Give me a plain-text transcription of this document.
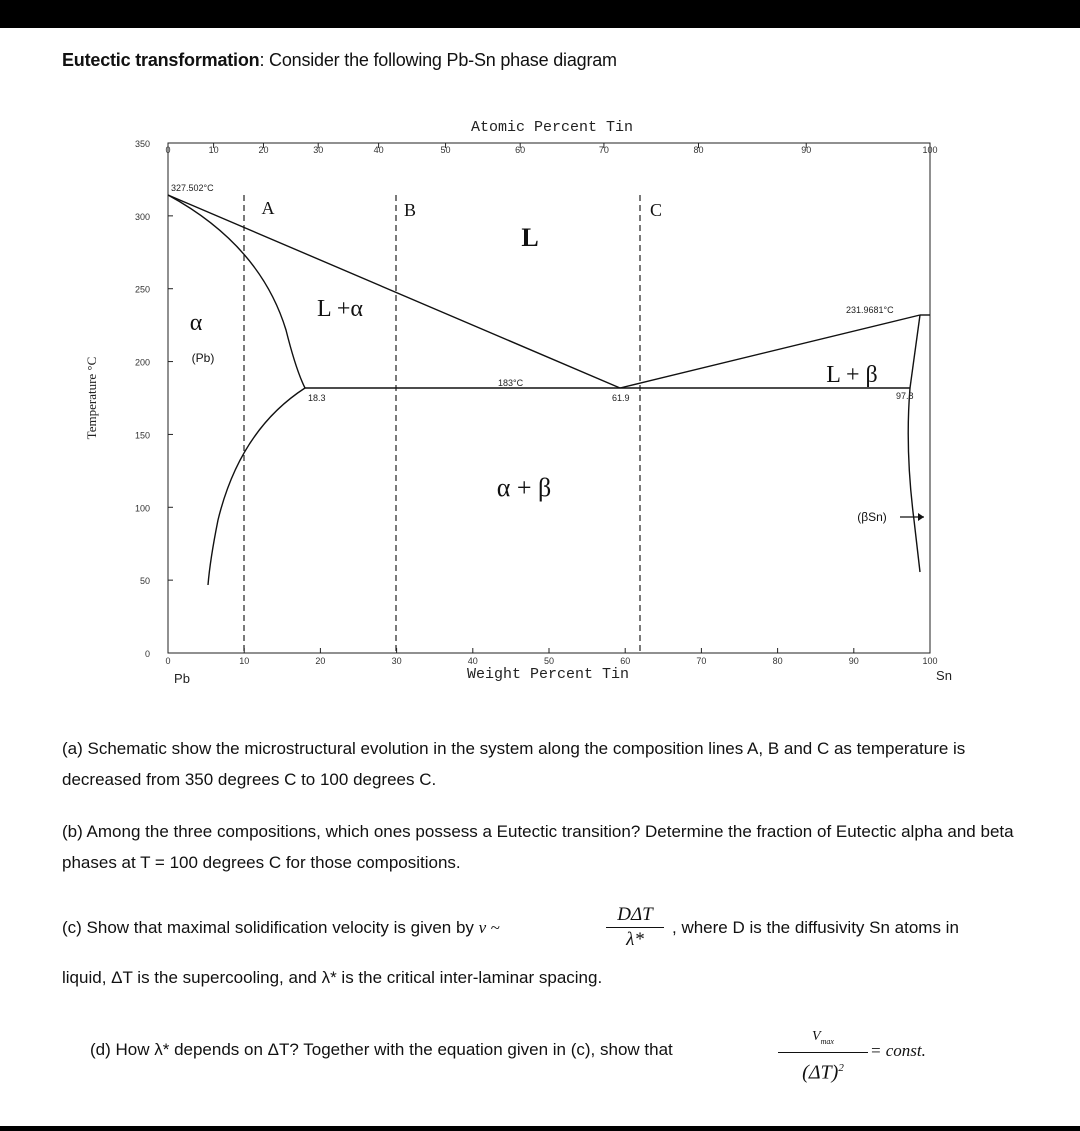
Eutectic transformation: Consider the following Pb-Sn phase diagram
Atomic Percent Tin
Weight Percent Tin
Temperature °C
0	10	20	30	40	50	60	70	80	90	100
0	10	20	30	40	50	60	70	80	90	100
0
50
100
150
200
250
300
350
Pb	Sn
A	B	C
327.502°C
231.9681°C
183°C
18.3	61.9	97.8
L
L +α
L + β
α + β
α
(Pb)
(βSn)
(a) Schematic show the microstructural evolution in the system along the composition lines A, B and C as temperature is decreased from 350 degrees C to 100 degrees C.
(b) Among the three compositions, which ones possess a Eutectic transition? Determine the fraction of Eutectic alpha and beta phases at T = 100 degrees C for those compositions.
(c) Show that maximal solidification velocity is given by v ~
DΔT
λ*
, where D is the diffusivity Sn atoms in
liquid, ΔT is the supercooling, and λ* is the critical inter-laminar spacing.
(d) How λ* depends on ΔT? Together with the equation given in (c), show that
$V_{max}$
$(\Delta T)^2$
= const.
